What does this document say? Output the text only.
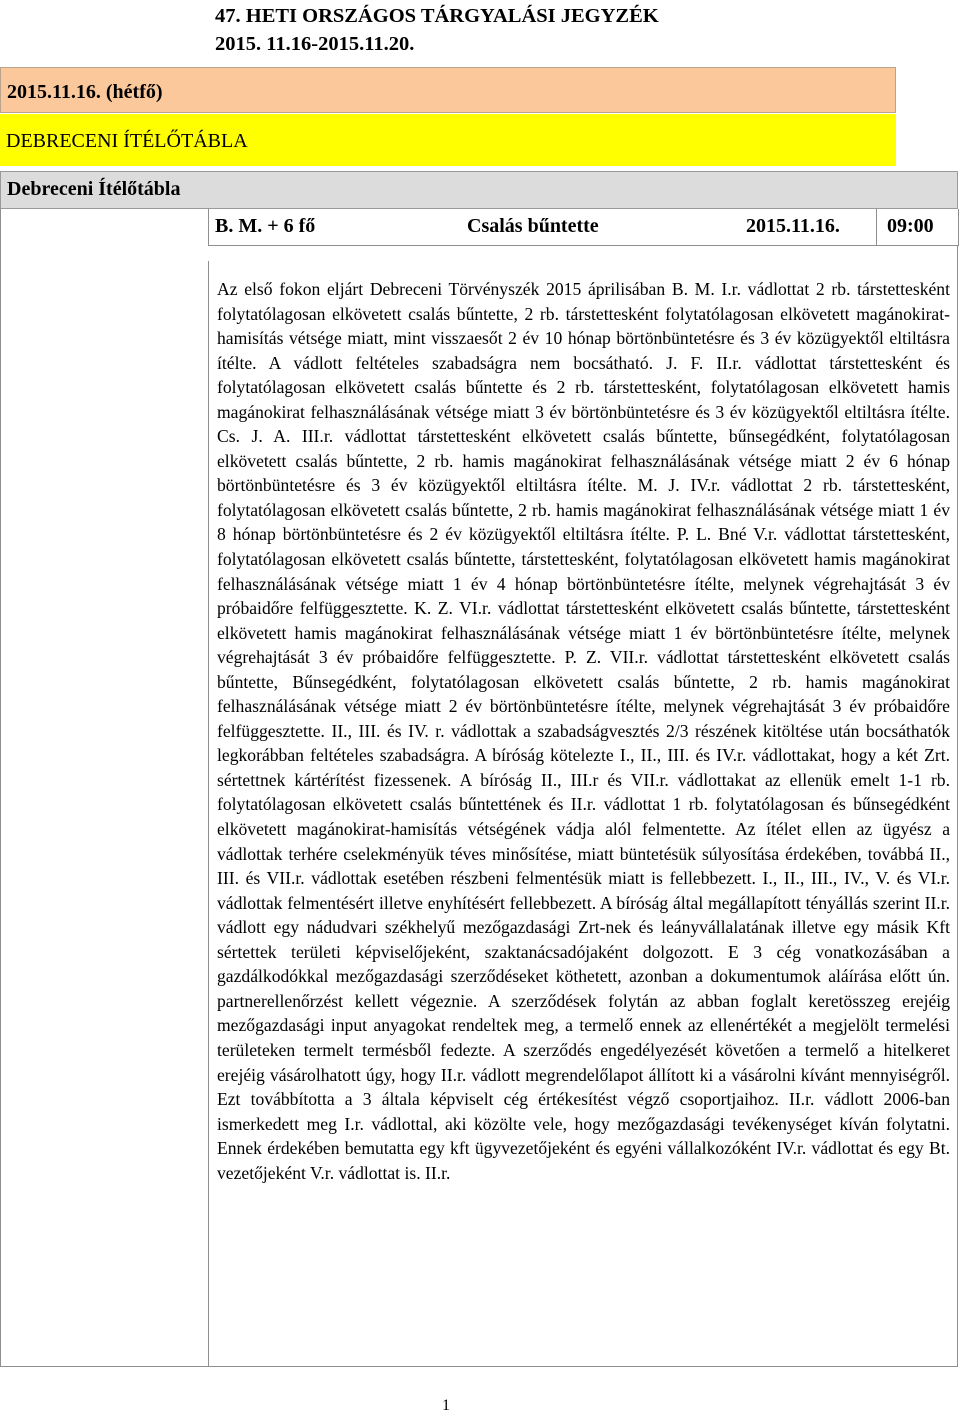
47. HETI ORSZÁGOS TÁRGYALÁSI JEGYZÉK
2015. 11.16-2015.11.20.
2015.11.16. (hétfő)
DEBRECENI ÍTÉLŐTÁBLA
Debreceni Ítélőtábla
B. M. + 6 fő	Csalás bűntette	2015.11.16. 09:00

Az első fokon eljárt Debreceni Törvényszék 2015 áprilisában B. M. I.r. vádlottat 2 rb. társtettesként folytatólagosan elkövetett csalás bűntette, 2 rb. társtettesként folytatólagosan elkövetett magánokirat-hamisítás vétsége miatt, mint visszaesőt 2 év 10 hónap börtönbüntetésre és 3 év közügyektől eltiltásra ítélte. A vádlott feltételes szabadságra nem bocsátható. J. F. II.r. vádlottat társtettesként és folytatólagosan elkövetett csalás bűntette és 2 rb. társtettesként, folytatólagosan elkövetett hamis magánokirat felhasználásának vétsége miatt 3 év börtönbüntetésre és 3 év közügyektől eltiltásra ítélte. Cs. J. A. III.r. vádlottat társtettesként elkövetett csalás bűntette, bűnsegédként, folytatólagosan elkövetett csalás bűntette, 2 rb. hamis magánokirat felhasználásának vétsége miatt 2 év 6 hónap börtönbüntetésre és 3 év közügyektől eltiltásra ítélte. M. J. IV.r. vádlottat 2 rb. társtettesként, folytatólagosan elkövetett csalás bűntette, 2 rb. hamis magánokirat felhasználásának vétsége miatt 1 év 8 hónap börtönbüntetésre és 2 év közügyektől eltiltásra ítélte. P. L. Bné V.r. vádlottat társtettesként, folytatólagosan elkövetett csalás bűntette, társtettesként, folytatólagosan elkövetett hamis magánokirat felhasználásának vétsége miatt 1 év 4 hónap börtönbüntetésre ítélte, melynek végrehajtását 3 év próbaidőre felfüggesztette. K. Z. VI.r. vádlottat társtettesként elkövetett csalás bűntette, társtettesként elkövetett hamis magánokirat felhasználásának vétsége miatt 1 év börtönbüntetésre ítélte, melynek végrehajtását 3 év próbaidőre felfüggesztette. P. Z. VII.r. vádlottat társtettesként elkövetett csalás bűntette, Bűnsegédként, folytatólagosan elkövetett csalás bűntette, 2 rb. hamis magánokirat felhasználásának vétsége miatt 2 év börtönbüntetésre ítélte, melynek végrehajtását 3 év próbaidőre felfüggesztette. II., III. és IV. r. vádlottak a szabadságvesztés 2/3 részének kitöltése után bocsáthatók legkorábban feltételes szabadságra. A bíróság kötelezte I., II., III. és IV.r. vádlottakat, hogy a két Zrt. sértettnek kártérítést fizessenek. A bíróság II., III.r és VII.r. vádlottakat az ellenük emelt 1-1 rb. folytatólagosan elkövetett csalás bűntettének és II.r. vádlottat 1 rb. folytatólagosan és bűnsegédként elkövetett magánokirat-hamisítás vétségének vádja alól felmentette. Az ítélet ellen az ügyész a vádlottak terhére cselekményük téves minősítése, miatt büntetésük súlyosítása érdekében, továbbá II., III. és VII.r. vádlottak esetében részbeni felmentésük miatt is fellebbezett. I., II., III., IV., V. és VI.r. vádlottak felmentésért illetve enyhítésért fellebbezett. A bíróság által megállapított tényállás szerint II.r. vádlott egy nádudvari székhelyű mezőgazdasági Zrt-nek és leányvállalatának illetve egy másik Kft sértettek területi képviselőjeként, szaktanácsadójaként dolgozott. E 3 cég vonatkozásában a gazdálkodókkal mezőgazdasági szerződéseket köthetett, azonban a dokumentumok aláírása előtt ún. partnerellenőrzést kellett végeznie. A szerződések folytán az abban foglalt keretösszeg erejéig mezőgazdasági input anyagokat rendeltek meg, a termelő ennek az ellenértékét a megjelölt termelési területeken termelt termésből fedezte. A szerződés engedélyezését követően a termelő a hitelkeret erejéig vásárolhatott úgy, hogy II.r. vádlott megrendelőlapot állított ki a vásárolni kívánt mennyiségről. Ezt továbbította a 3 általa képviselt cég értékesítést végző csoportjaihoz. II.r. vádlott 2006-ban ismerkedett meg I.r. vádlottal, aki közölte vele, hogy mezőgazdasági tevékenységet kíván folytatni. Ennek érdekében bemutatta egy kft ügyvezetőjeként és egyéni vállalkozóként IV.r. vádlottat és egy Bt. vezetőjeként V.r. vádlottat is. II.r.

1
